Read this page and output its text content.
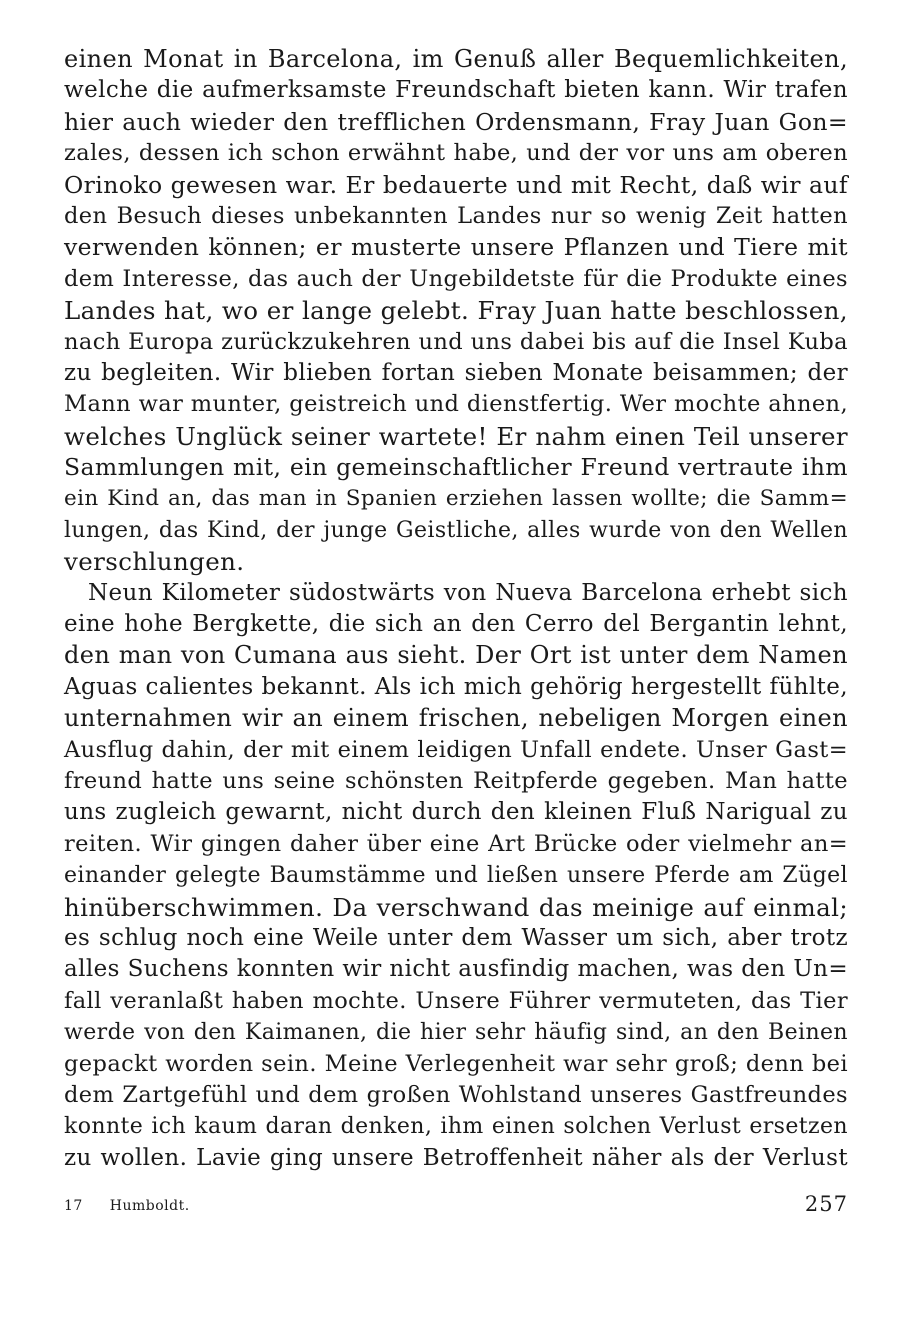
einen Monat in Barcelona, im Genuß aller Bequemlichkeiten,
welche die aufmerksamste Freundschaft bieten kann. Wir trafen
hier auch wieder den trefflichen Ordensmann, Fray Juan Gon=
zales, dessen ich schon erwähnt habe, und der vor uns am oberen
Orinoko gewesen war. Er bedauerte und mit Recht, daß wir auf
den Besuch dieses unbekannten Landes nur so wenig Zeit hatten
verwenden können; er musterte unsere Pflanzen und Tiere mit
dem Interesse, das auch der Ungebildetste für die Produkte eines
Landes hat, wo er lange gelebt. Fray Juan hatte beschlossen,
nach Europa zurückzukehren und uns dabei bis auf die Insel Kuba
zu begleiten. Wir blieben fortan sieben Monate beisammen; der
Mann war munter, geistreich und dienstfertig. Wer mochte ahnen,
welches Unglück seiner wartete! Er nahm einen Teil unserer
Sammlungen mit, ein gemeinschaftlicher Freund vertraute ihm
ein Kind an, das man in Spanien erziehen lassen wollte; die Samm=
lungen, das Kind, der junge Geistliche, alles wurde von den Wellen
verschlungen.
Neun Kilometer südostwärts von Nueva Barcelona erhebt sich
eine hohe Bergkette, die sich an den Cerro del Bergantin lehnt,
den man von Cumana aus sieht. Der Ort ist unter dem Namen
Aguas calientes bekannt. Als ich mich gehörig hergestellt fühlte,
unternahmen wir an einem frischen, nebeligen Morgen einen
Ausflug dahin, der mit einem leidigen Unfall endete. Unser Gast=
freund hatte uns seine schönsten Reitpferde gegeben. Man hatte
uns zugleich gewarnt, nicht durch den kleinen Fluß Narigual zu
reiten. Wir gingen daher über eine Art Brücke oder vielmehr an=
einander gelegte Baumstämme und ließen unsere Pferde am Zügel
hinüberschwimmen. Da verschwand das meinige auf einmal;
es schlug noch eine Weile unter dem Wasser um sich, aber trotz
alles Suchens konnten wir nicht ausfindig machen, was den Un=
fall veranlaßt haben mochte. Unsere Führer vermuteten, das Tier
werde von den Kaimanen, die hier sehr häufig sind, an den Beinen
gepackt worden sein. Meine Verlegenheit war sehr groß; denn bei
dem Zartgefühl und dem großen Wohlstand unseres Gastfreundes
konnte ich kaum daran denken, ihm einen solchen Verlust ersetzen
zu wollen. Lavie ging unsere Betroffenheit näher als der Verlust
17 Humboldt.	257
